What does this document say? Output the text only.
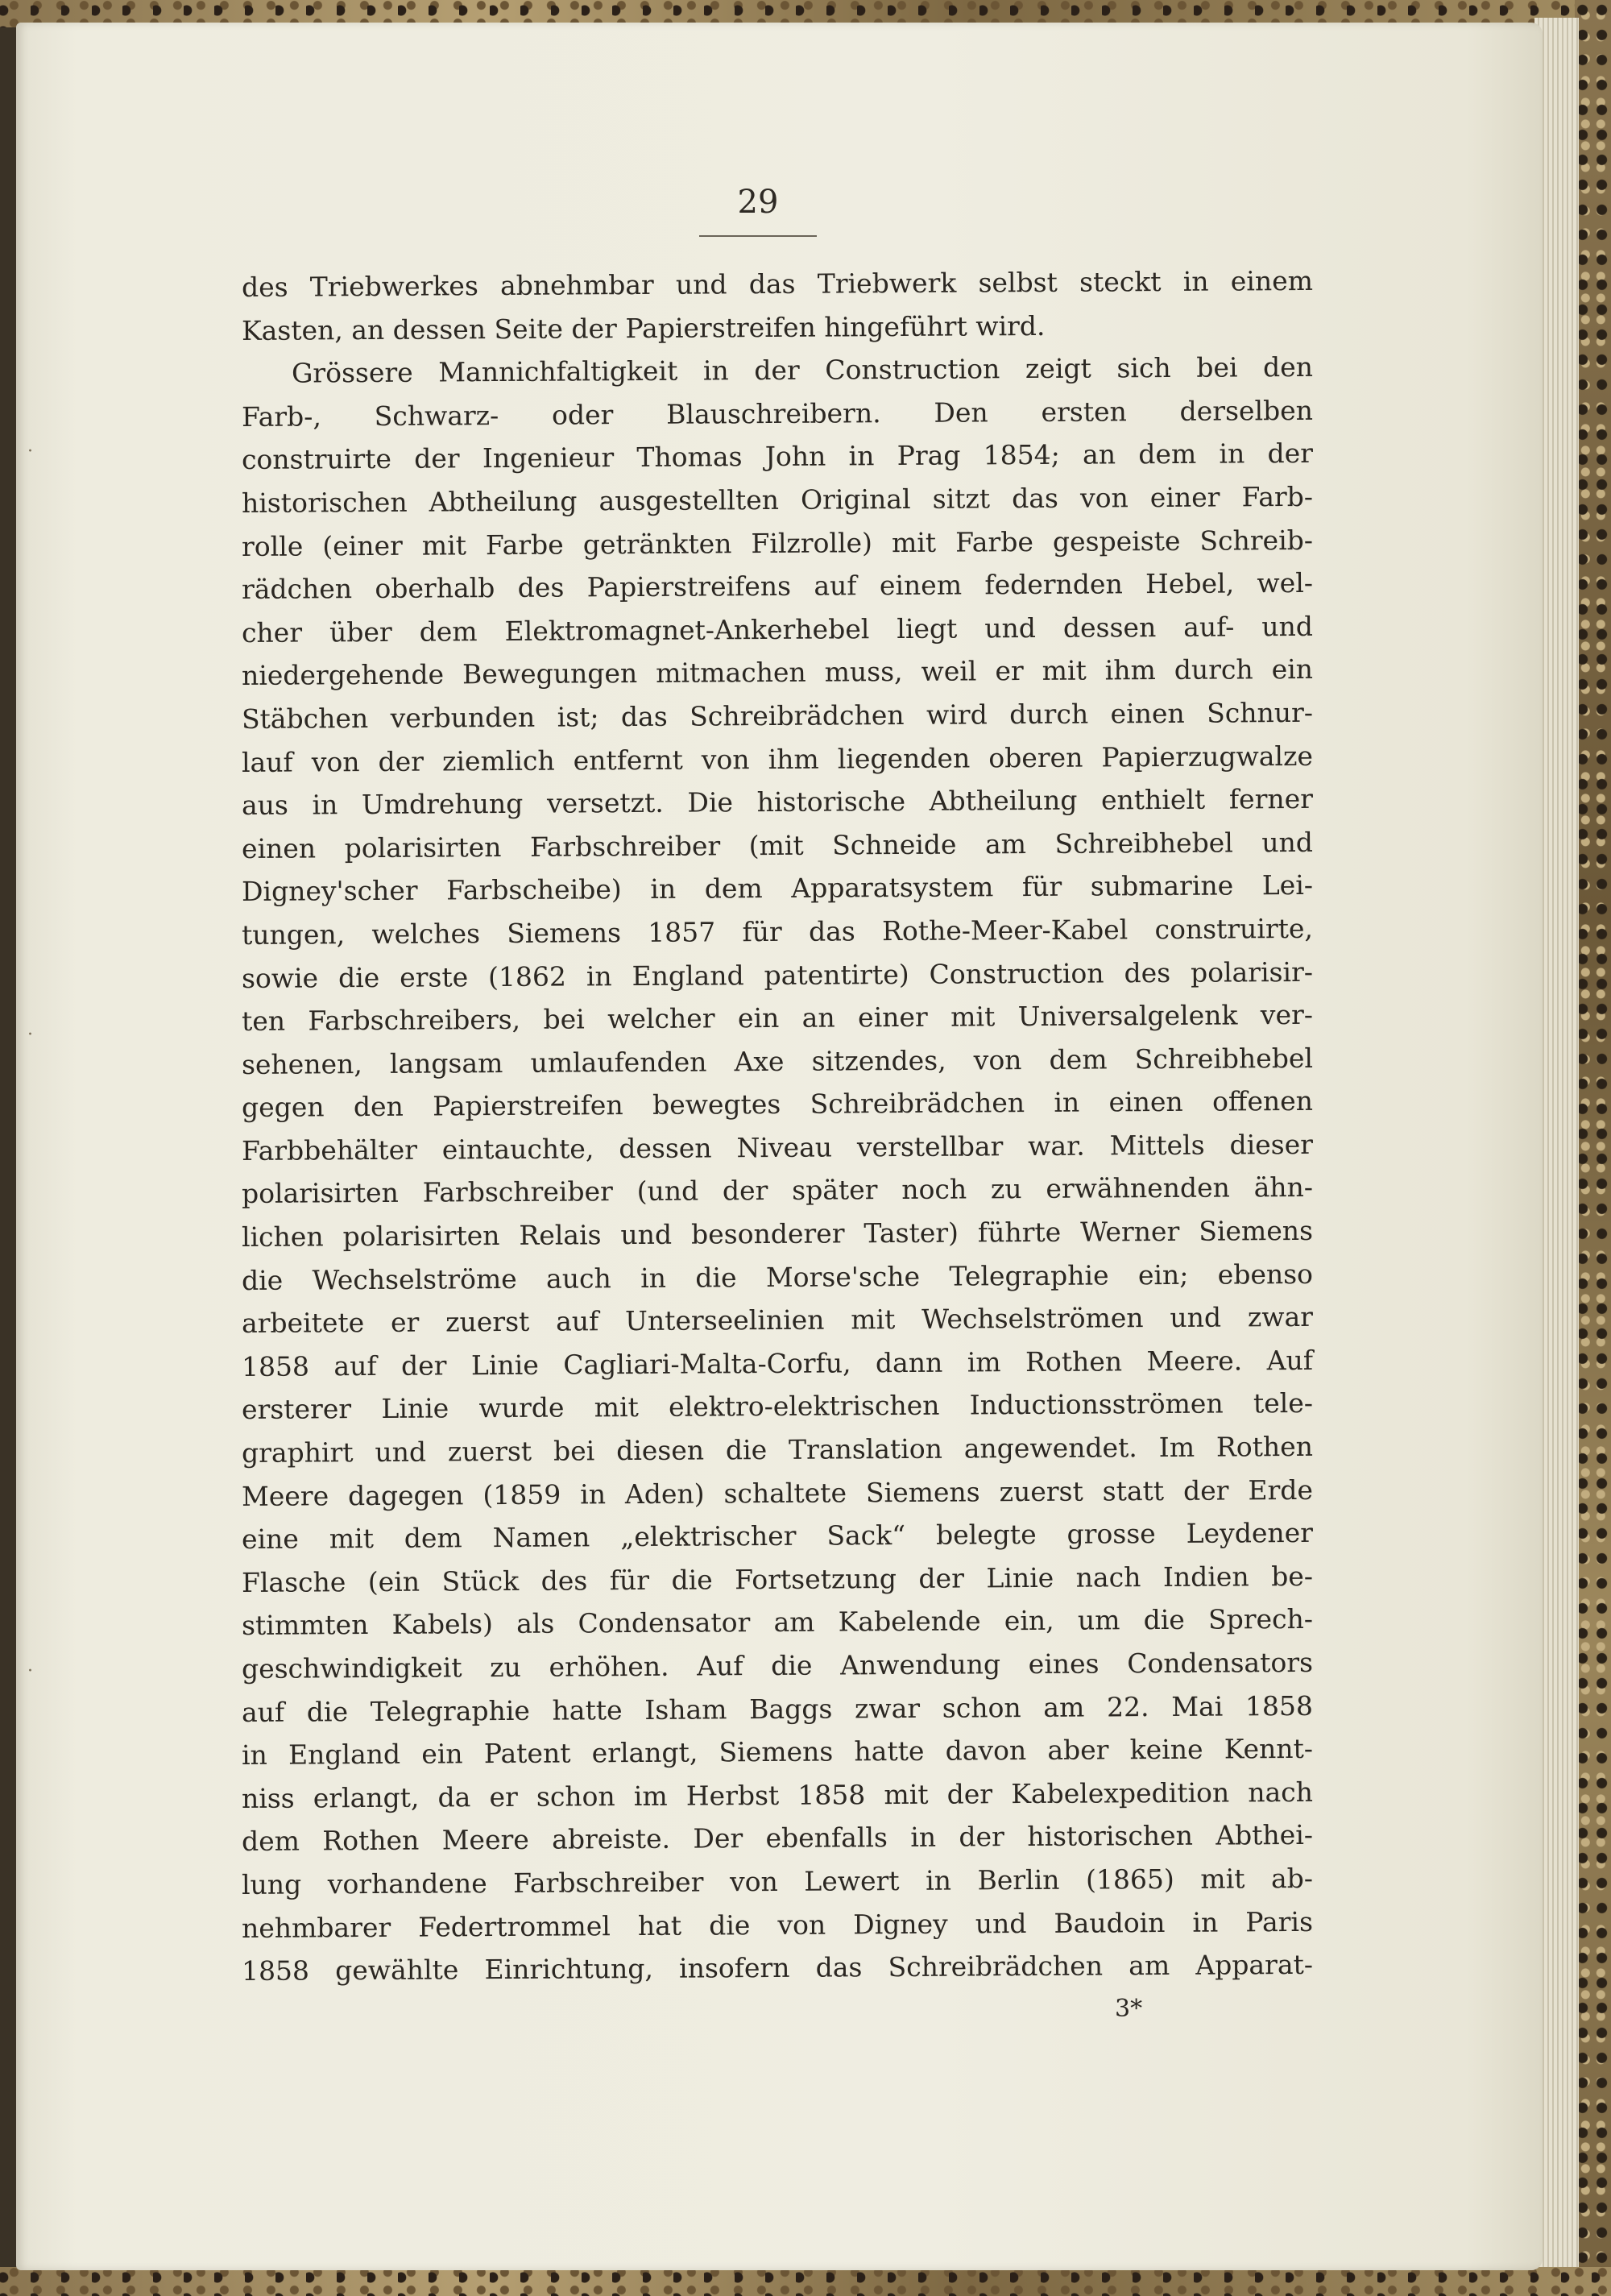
·
·
·
29
des Triebwerkes abnehmbar und das Triebwerk selbst steckt in einem
Kasten, an dessen Seite der Papierstreifen hingeführt wird.
Grössere Mannichfaltigkeit in der Construction zeigt sich bei den
Farb-, Schwarz- oder Blauschreibern. Den ersten derselben
construirte der Ingenieur Thomas John in Prag 1854; an dem in der
historischen Abtheilung ausgestellten Original sitzt das von einer Farb-
rolle (einer mit Farbe getränkten Filzrolle) mit Farbe gespeiste Schreib-
rädchen oberhalb des Papierstreifens auf einem federnden Hebel, wel-
cher über dem Elektromagnet-Ankerhebel liegt und dessen auf- und
niedergehende Bewegungen mitmachen muss, weil er mit ihm durch ein
Stäbchen verbunden ist; das Schreibrädchen wird durch einen Schnur-
lauf von der ziemlich entfernt von ihm liegenden oberen Papierzugwalze
aus in Umdrehung versetzt. Die historische Abtheilung enthielt ferner
einen polarisirten Farbschreiber (mit Schneide am Schreibhebel und
Digney'scher Farbscheibe) in dem Apparatsystem für submarine Lei-
tungen, welches Siemens 1857 für das Rothe-Meer-Kabel construirte,
sowie die erste (1862 in England patentirte) Construction des polarisir-
ten Farbschreibers, bei welcher ein an einer mit Universalgelenk ver-
sehenen, langsam umlaufenden Axe sitzendes, von dem Schreibhebel
gegen den Papierstreifen bewegtes Schreibrädchen in einen offenen
Farbbehälter eintauchte, dessen Niveau verstellbar war. Mittels dieser
polarisirten Farbschreiber (und der später noch zu erwähnenden ähn-
lichen polarisirten Relais und besonderer Taster) führte Werner Siemens
die Wechselströme auch in die Morse'sche Telegraphie ein; ebenso
arbeitete er zuerst auf Unterseelinien mit Wechselströmen und zwar
1858 auf der Linie Cagliari-Malta-Corfu, dann im Rothen Meere. Auf
ersterer Linie wurde mit elektro-elektrischen Inductionsströmen tele-
graphirt und zuerst bei diesen die Translation angewendet. Im Rothen
Meere dagegen (1859 in Aden) schaltete Siemens zuerst statt der Erde
eine mit dem Namen „elektrischer Sack“ belegte grosse Leydener
Flasche (ein Stück des für die Fortsetzung der Linie nach Indien be-
stimmten Kabels) als Condensator am Kabelende ein, um die Sprech-
geschwindigkeit zu erhöhen. Auf die Anwendung eines Condensators
auf die Telegraphie hatte Isham Baggs zwar schon am 22. Mai 1858
in England ein Patent erlangt, Siemens hatte davon aber keine Kennt-
niss erlangt, da er schon im Herbst 1858 mit der Kabelexpedition nach
dem Rothen Meere abreiste. Der ebenfalls in der historischen Abthei-
lung vorhandene Farbschreiber von Lewert in Berlin (1865) mit ab-
nehmbarer Federtrommel hat die von Digney und Baudoin in Paris
1858 gewählte Einrichtung, insofern das Schreibrädchen am Apparat-
3*
